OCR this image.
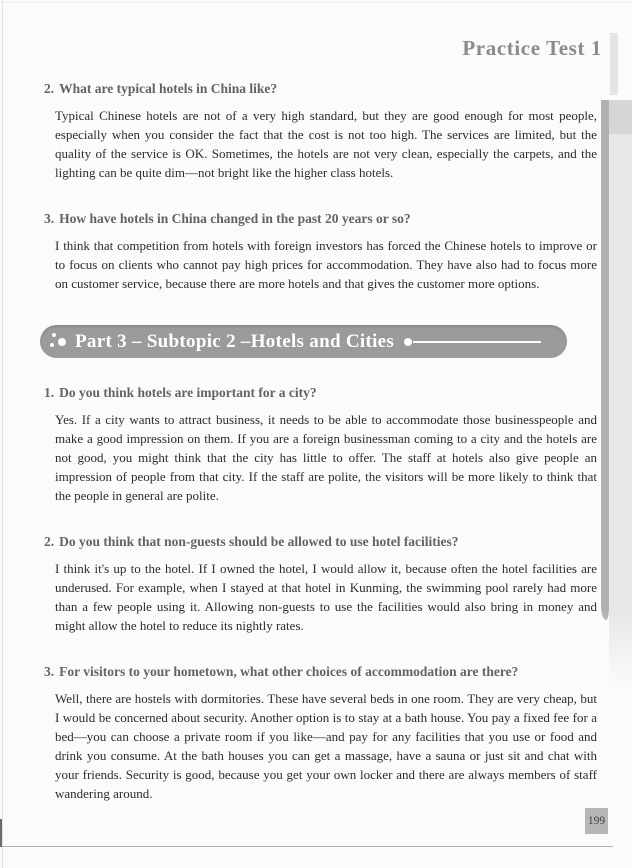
Practice Test 1
2. What are typical hotels in China like?

Typical Chinese hotels are not of a very high standard, but they are good enough for most people, especially when you consider the fact that the cost is not too high. The services are limited, but the quality of the service is OK. Sometimes, the hotels are not very clean, especially the carpets, and the lighting can be quite dim—not bright like the higher class hotels.

3. How have hotels in China changed in the past 20 years or so?

I think that competition from hotels with foreign investors has forced the Chinese hotels to improve or to focus on clients who cannot pay high prices for accommodation. They have also had to focus more on customer service, because there are more hotels and that gives the customer more options.

Part 3 – Subtopic 2 –Hotels and Cities
1. Do you think hotels are important for a city?

Yes. If a city wants to attract business, it needs to be able to accommodate those businesspeople and make a good impression on them. If you are a foreign businessman coming to a city and the hotels are not good, you might think that the city has little to offer. The staff at hotels also give people an impression of people from that city. If the staff are polite, the visitors will be more likely to think that the people in general are polite.

2. Do you think that non-guests should be allowed to use hotel facilities?

I think it's up to the hotel. If I owned the hotel, I would allow it, because often the hotel facilities are underused. For example, when I stayed at that hotel in Kunming, the swimming pool rarely had more than a few people using it. Allowing non-guests to use the facilities would also bring in money and might allow the hotel to reduce its nightly rates.

3. For visitors to your hometown, what other choices of accommodation are there?

Well, there are hostels with dormitories. These have several beds in one room. They are very cheap, but I would be concerned about security. Another option is to stay at a bath house. You pay a fixed fee for a bed—you can choose a private room if you like—and pay for any facilities that you use or food and drink you consume. At the bath houses you can get a massage, have a sauna or just sit and chat with your friends. Security is good, because you get your own locker and there are always members of staff wandering around.

199
